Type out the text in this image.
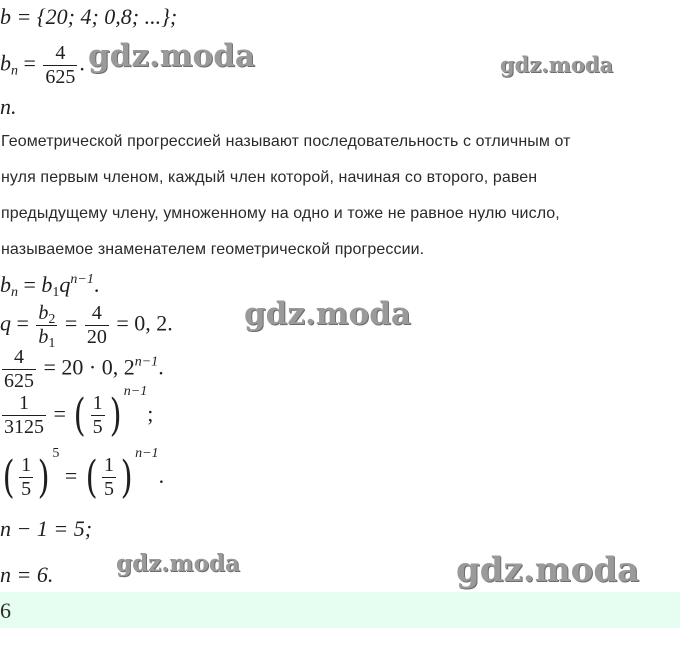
gdz.moda	gdz.moda
gdz.moda
gdz.moda	gdz.moda
b = {20; 4; 0,8; ...};
$b_n = \frac{4}{625}$ .
n.
Геометрической прогрессией называют последовательность с отличным от
нуля первым членом, каждый член которой, начиная со второго, равен
предыдущему члену, умноженному на одно и тоже не равное нулю число,
называемое знаменателем геометрической прогрессии.
$b_n = b_1q^{n-1}$.
$q = \frac{b_2}{b_1} = \frac{4}{20} = 0$, 2.
$\frac{4}{625} = 20 \cdot 0$, $2^{n-1}$.
$\frac{1}{3125}$ = ( $\frac{1}{5}$ ) $^{n-1}$;
( $\frac{1}{5}$ ) $^5$ = ( $\frac{1}{5}$ ) $^{n-1}$.
n − 1 = 5;
n = 6.
6
